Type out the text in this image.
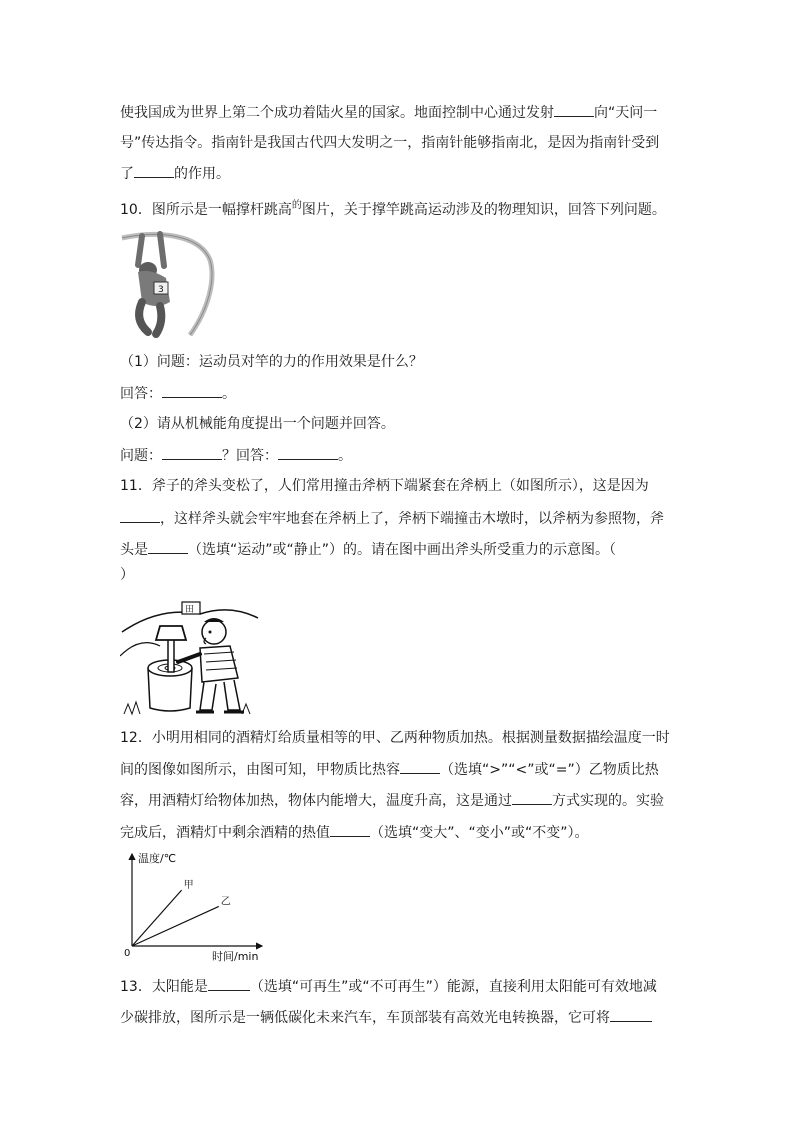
使我国成为世界上第二个成功着陆火星的国家。地面控制中心通过发射	向“天问一
号”传达指令。指南针是我国古代四大发明之一，指南针能够指南北，是因为指南针受到
了	的作用。
10．图所示是一幅撑杆跳高$^的$图片，关于撑竿跳高运动涉及的物理知识，回答下列问题。
3
（1）问题：运动员对竿的力的作用效果是什么？
回答：	。
（2）请从机械能角度提出一个问题并回答。
问题：	？回答：	。
11．斧子的斧头变松了，人们常用撞击斧柄下端紧套在斧柄上（如图所示），这是因为
，这样斧头就会牢牢地套在斧柄上了，斧柄下端撞击木墩时，以斧柄为参照物，斧
头是	（选填“运动”或“静止”）的。请在图中画出斧头所受重力的示意图。（
）
田
12．小明用相同的酒精灯给质量相等的甲、乙两种物质加热。根据测量数据描绘温度一时
间的图像如图所示，由图可知，甲物质比热容	（选填“>”“<”或“=”）乙物质比热
容，用酒精灯给物体加热，物体内能增大，温度升高，这是通过	方式实现的。实验
完成后，酒精灯中剩余酒精的热值	（选填“变大”、“变小”或“不变”）。
温度/℃
时间/min
0
甲
乙
13．太阳能是	（选填“可再生”或“不可再生”）能源，直接利用太阳能可有效地减
少碳排放，图所示是一辆低碳化未来汽车，车顶部装有高效光电转换器，它可将
